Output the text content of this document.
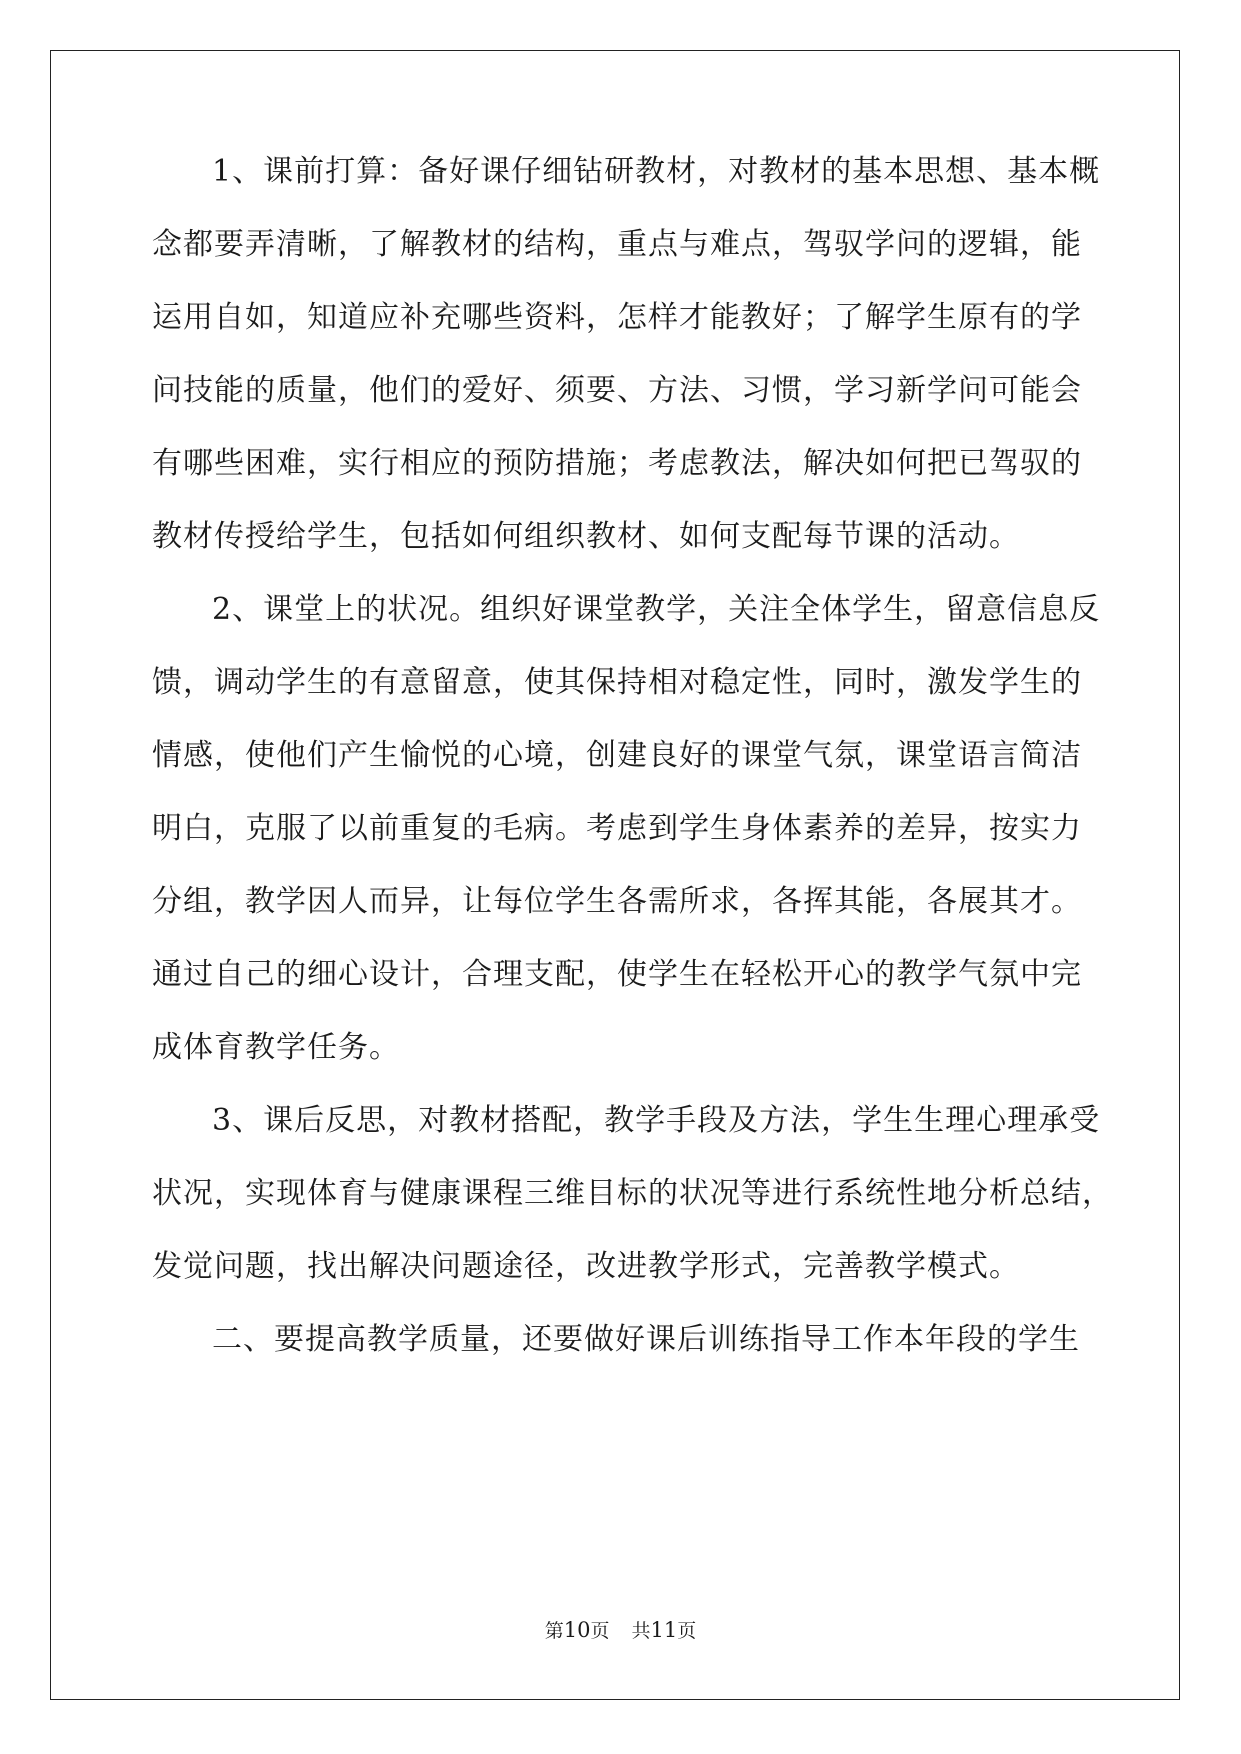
1、课前打算：备好课仔细钻研教材，对教材的基本思想、基本概
念都要弄清晰，了解教材的结构，重点与难点，驾驭学问的逻辑，能
运用自如，知道应补充哪些资料，怎样才能教好；了解学生原有的学
问技能的质量，他们的爱好、须要、方法、习惯，学习新学问可能会
有哪些困难，实行相应的预防措施；考虑教法，解决如何把已驾驭的
教材传授给学生，包括如何组织教材、如何支配每节课的活动。
2、课堂上的状况。组织好课堂教学，关注全体学生，留意信息反
馈，调动学生的有意留意，使其保持相对稳定性，同时，激发学生的
情感，使他们产生愉悦的心境，创建良好的课堂气氛，课堂语言简洁
明白，克服了以前重复的毛病。考虑到学生身体素养的差异，按实力
分组，教学因人而异，让每位学生各需所求，各挥其能，各展其才。
通过自己的细心设计，合理支配，使学生在轻松开心的教学气氛中完
成体育教学任务。
3、课后反思，对教材搭配，教学手段及方法，学生生理心理承受
状况，实现体育与健康课程三维目标的状况等进行系统性地分析总结，
发觉问题，找出解决问题途径，改进教学形式，完善教学模式。
二、要提高教学质量，还要做好课后训练指导工作本年段的学生
第10页 共11页
